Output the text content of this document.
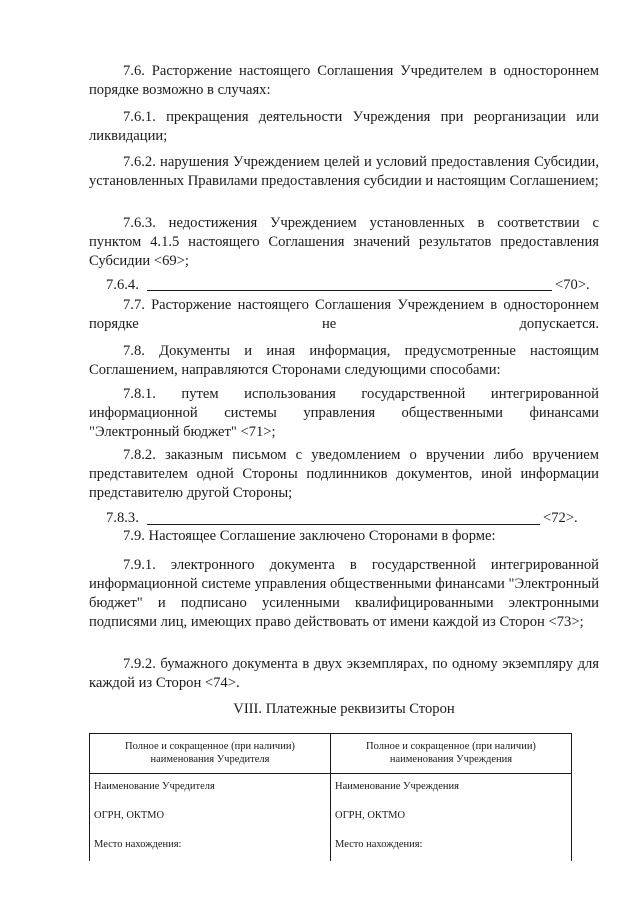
7.6. Расторжение настоящего Соглашения Учредителем в одностороннем порядке возможно в случаях:

7.6.1. прекращения деятельности Учреждения при реорганизации или ликвидации;

7.6.2. нарушения Учреждением целей и условий предоставления Субсидии, установленных Правилами предоставления субсидии и настоящим Соглашением;

7.6.3. недостижения Учреждением установленных в соответствии с пунктом 4.1.5 настоящего Соглашения значений результатов предоставления Субсидии <69>;

7.6.4.	<70>.

7.7. Расторжение настоящего Соглашения Учреждением в одностороннем порядке не допускается.

7.8. Документы и иная информация, предусмотренные настоящим Соглашением, направляются Сторонами следующими способами:

7.8.1. путем использования государственной интегрированной информационной системы управления общественными финансами "Электронный бюджет" <71>;

7.8.2. заказным письмом с уведомлением о вручении либо вручением представителем одной Стороны подлинников документов, иной информации представителю другой Стороны;

7.8.3.	<72>.

7.9. Настоящее Соглашение заключено Сторонами в форме:

7.9.1. электронного документа в государственной интегрированной информационной системе управления общественными финансами "Электронный бюджет" и подписано усиленными квалифицированными электронными подписями лиц, имеющих право действовать от имени каждой из Сторон <73>;

7.9.2. бумажного документа в двух экземплярах, по одному экземпляру для каждой из Сторон <74>.

VIII. Платежные реквизиты Сторон

Полное и сокращенное (при наличии) наименования Учредителя	Полное и сокращенное (при наличии) наименования Учреждения
Наименование Учредителя	Наименование Учреждения
ОГРН, ОКТМО	ОГРН, ОКТМО
Место нахождения:	Место нахождения:
